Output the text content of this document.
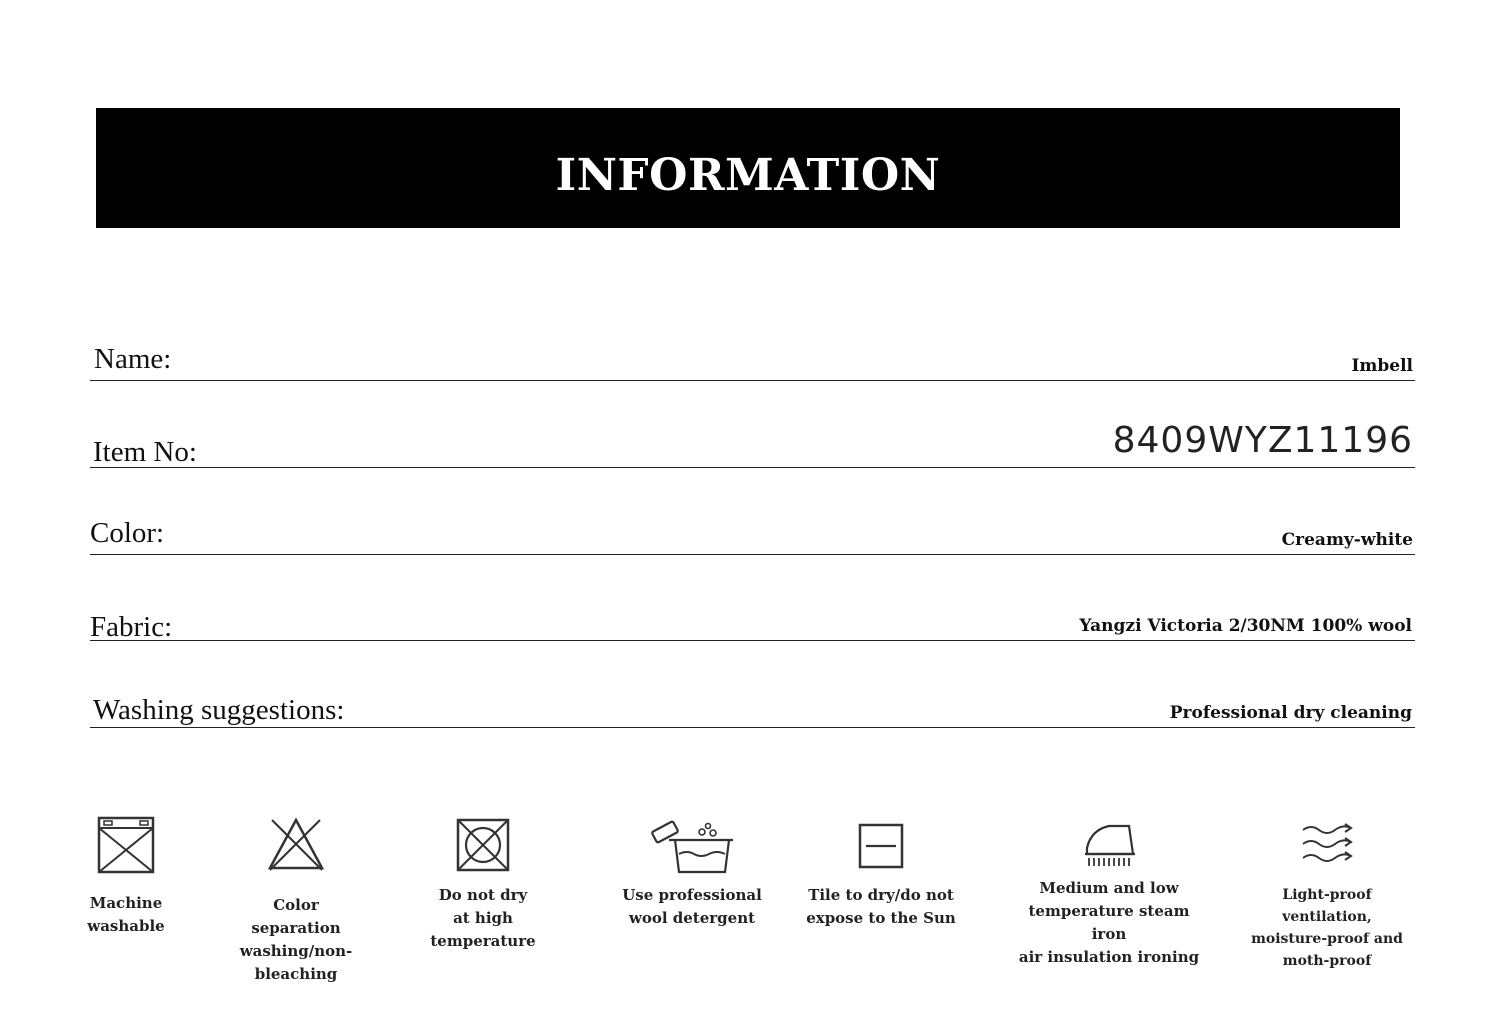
INFORMATION
Name:	Imbell
Item No:	8409WYZ11196
Color:	Creamy-white
Fabric:	Yangzi Victoria 2/30NM 100% wool
Washing suggestions:	Professional dry cleaning
Machine
washable
Color
separation
washing/non-
bleaching
Do not dry
at high
temperature
Use professional
wool detergent
Tile to dry/do not
expose to the Sun
Medium and low
temperature steam iron
air insulation ironing
Light-proof
ventilation,
moisture-proof and
moth-proof
